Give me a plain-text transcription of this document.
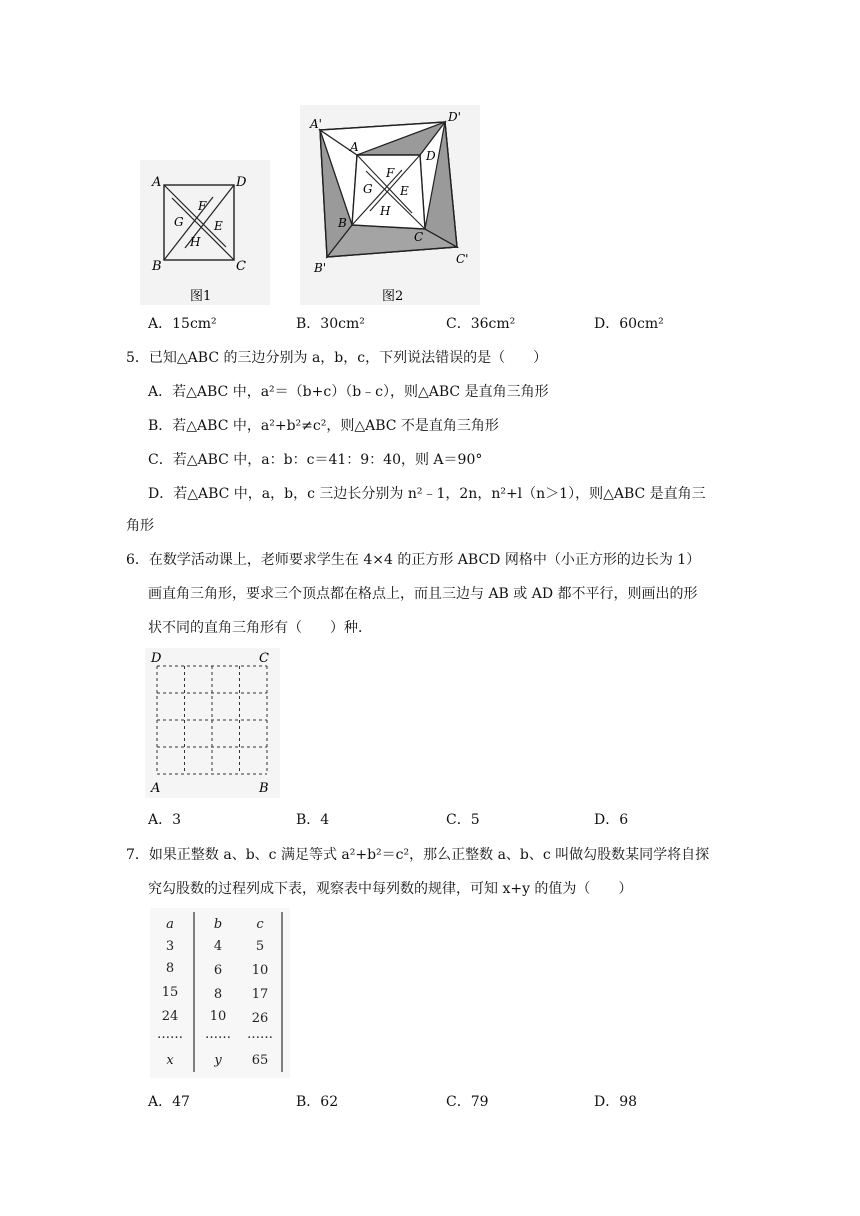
A	D
B	C
F
E
G
H
图1
A'	D'
B'
C'
A
D
B
C
F
E
G
H
图2
A．15cm²	B．30cm²	C．36cm²	D．60cm²
5．已知△ABC 的三边分别为 a，b，c，下列说法错误的是（　　）
A．若△ABC 中，a²＝（b+c）（b﹣c），则△ABC 是直角三角形
B．若△ABC 中，a²+b²≠c²，则△ABC 不是直角三角形
C．若△ABC 中，a：b：c＝41：9：40，则 A＝90°
D．若△ABC 中，a，b，c 三边长分别为 n²﹣1，2n，n²+l（n＞1），则△ABC 是直角三
角形
6．在数学活动课上，老师要求学生在 4×4 的正方形 ABCD 网格中（小正方形的边长为 1）
画直角三角形，要求三个顶点都在格点上，而且三边与 AB 或 AD 都不平行，则画出的形
状不同的直角三角形有（　　）种．
D	C
A	B
A．3	B．4	C．5	D．6
7．如果正整数 a、b、c 满足等式 a²+b²＝c²，那么正整数 a、b、c 叫做勾股数某同学将自探
究勾股数的过程列成下表，观察表中每列数的规律，可知 x+y 的值为（　　）
a	b	c
3	4	5
8	6 10
15	8 17
24 10 26
…… …… ……
x	y 65
A．47	B．62	C．79	D．98
